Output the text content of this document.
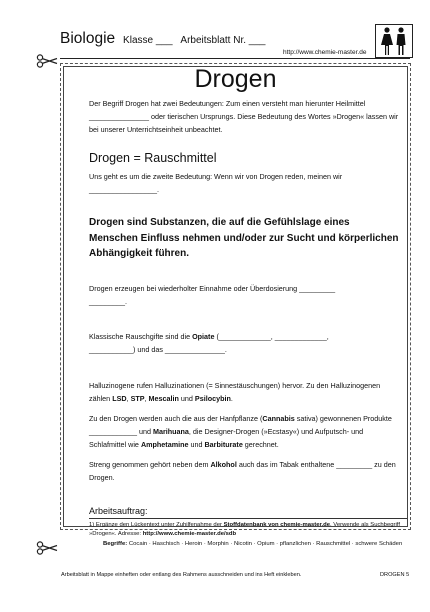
Biologie Klasse ___ Arbeitsblatt Nr. ___
http://www.chemie-master.de
Drogen
Der Begriff Drogen hat zwei Bedeutungen: Zum einen versteht man hierunter Heilmittel _______________ oder tierischen Ursprungs. Diese Bedeutung des Wortes »Drogen« lassen wir bei unserer Unterrichtseinheit unbeachtet.
Drogen = Rauschmittel
Uns geht es um die zweite Bedeutung: Wenn wir von Drogen reden, meinen wir _________________.
Drogen sind Substanzen, die auf die Gefühlslage eines Menschen Einfluss nehmen und/oder zur Sucht und körperlichen Abhängigkeit führen.
Drogen erzeugen bei wiederholter Einnahme oder Überdosierung _________
_________.
Klassische Rauschgifte sind die Opiate (_____________, _____________,
___________) und das _______________.
Halluzinogene rufen Halluzinationen (= Sinnestäuschungen) hervor. Zu den Halluzinogenen zählen LSD, STP, Mescalin und Psilocybin.
Zu den Drogen werden auch die aus der Hanfpflanze (Cannabis sativa) gewonnenen Produkte ____________ und Marihuana, die Designer-Drogen (»Ecstasy«) und Aufputsch- und Schlafmittel wie Amphetamine und Barbiturate gerechnet.
Streng genommen gehört neben dem Alkohol auch das im Tabak enthaltene _________ zu den Drogen.
Arbeitsauftrag:
1) Ergänze den Lückentext unter Zuhilfenahme der Stoffdatenbank von chemie-master.de. Verwende als Suchbegriff »Drogen«. Adresse: http://www.chemie-master.de/sdb
Begriffe: Cocain · Haschisch · Heroin · Morphin · Nicotin · Opium · pflanzlichen · Rauschmittel · schwere Schäden
Arbeitsblatt in Mappe einheften oder entlang des Rahmens ausschneiden und ins Heft einkleben.	DROGEN 5
